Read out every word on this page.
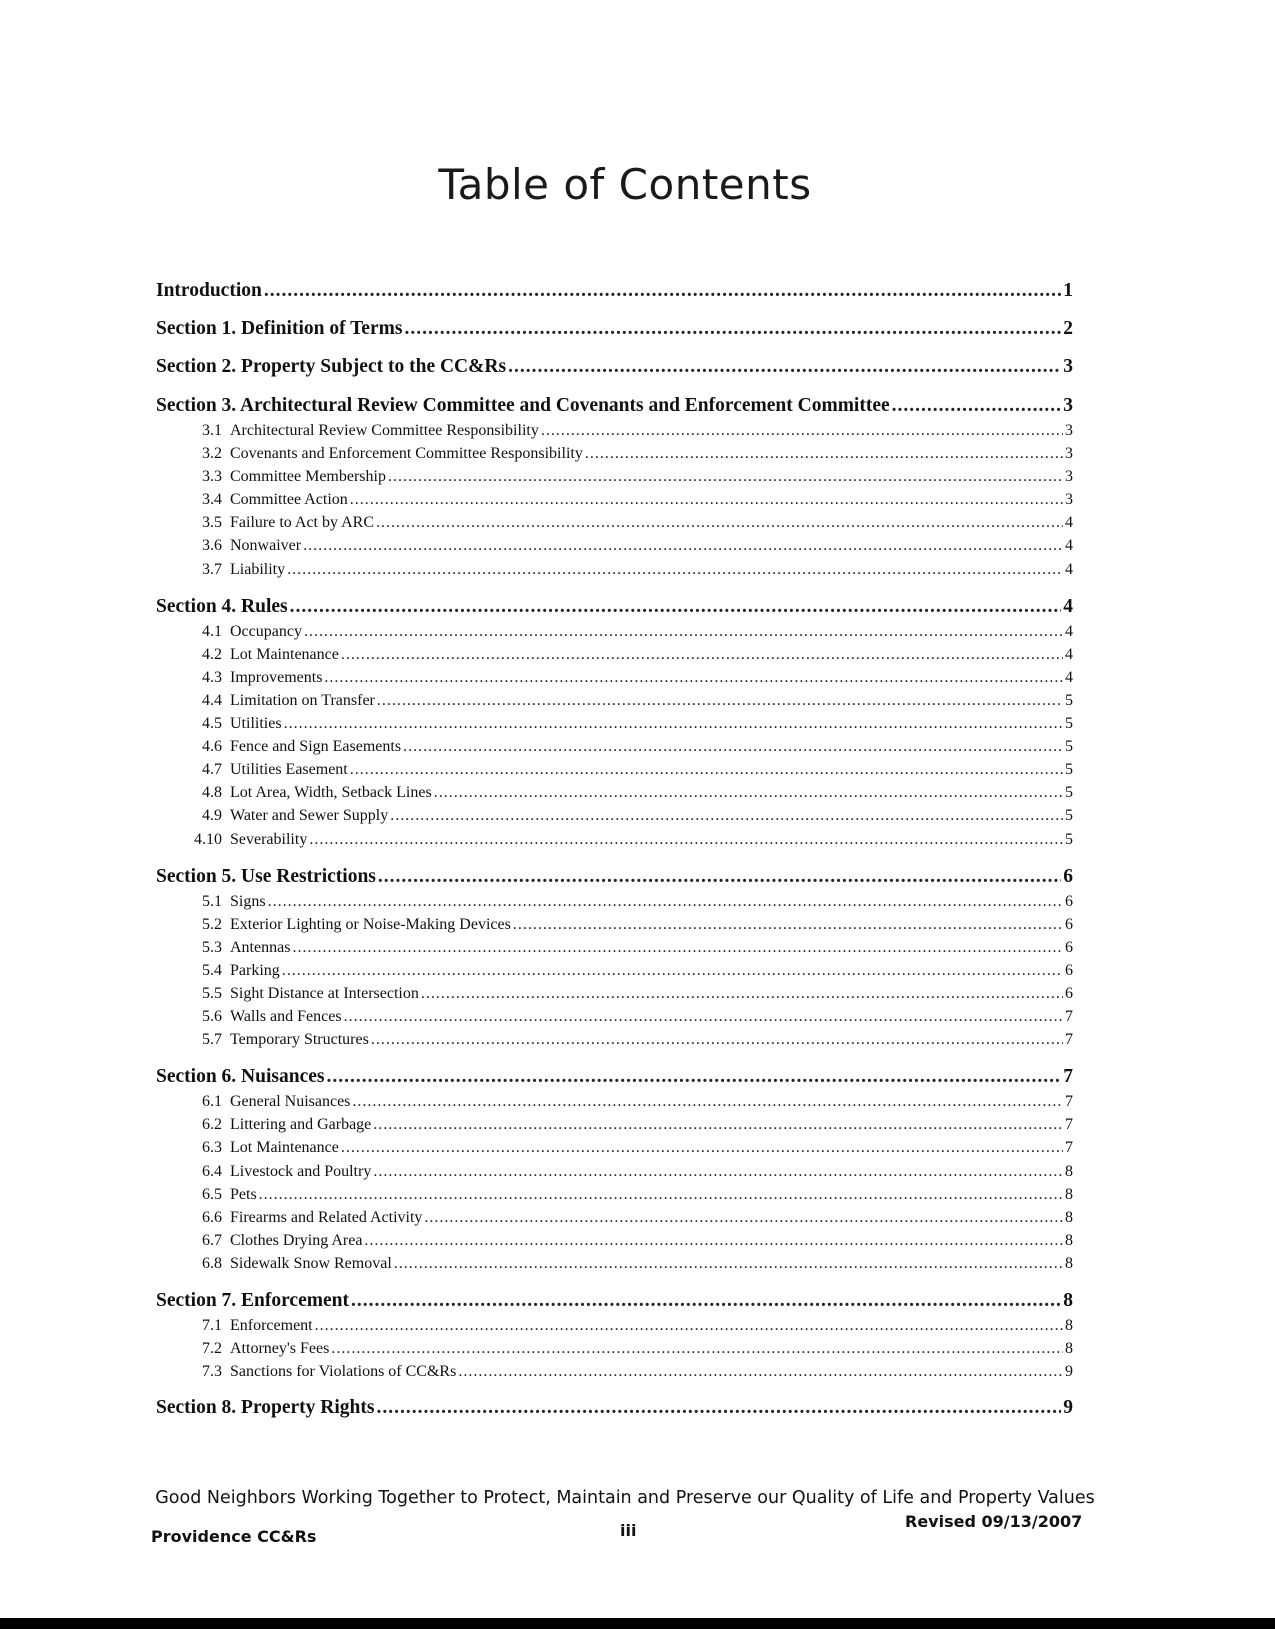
Table of Contents
Introduction .....	1
Section 1. Definition of Terms .....	2
Section 2. Property Subject to the CC&Rs .....	3
Section 3. Architectural Review Committee and Covenants and Enforcement Committee .....	3
3.1 Architectural Review Committee Responsibility .....	3
3.2 Covenants and Enforcement Committee Responsibility .....	3
3.3 Committee Membership .....	3
3.4 Committee Action .....	3
3.5 Failure to Act by ARC .....	4
3.6 Nonwaiver .....	4
3.7 Liability .....	4
Section 4. Rules .....	4
4.1 Occupancy .....	4
4.2 Lot Maintenance .....	4
4.3 Improvements .....	4
4.4 Limitation on Transfer .....	5
4.5 Utilities .....	5
4.6 Fence and Sign Easements .....	5
4.7 Utilities Easement .....	5
4.8 Lot Area, Width, Setback Lines .....	5
4.9 Water and Sewer Supply .....	5
4.10 Severability .....	5
Section 5. Use Restrictions .....	6
5.1 Signs .....	6
5.2 Exterior Lighting or Noise-Making Devices .....	6
5.3 Antennas .....	6
5.4 Parking .....	6
5.5 Sight Distance at Intersection .....	6
5.6 Walls and Fences .....	7
5.7 Temporary Structures .....	7
Section 6. Nuisances .....	7
6.1 General Nuisances .....	7
6.2 Littering and Garbage .....	7
6.3 Lot Maintenance .....	7
6.4 Livestock and Poultry .....	8
6.5 Pets .....	8
6.6 Firearms and Related Activity .....	8
6.7 Clothes Drying Area .....	8
6.8 Sidewalk Snow Removal .....	8
Section 7. Enforcement .....	8
7.1 Enforcement .....	8
7.2 Attorney's Fees .....	8
7.3 Sanctions for Violations of CC&Rs .....	9
Section 8. Property Rights .....	9
Good Neighbors Working Together to Protect, Maintain and Preserve our Quality of Life and Property Values
Providence CC&Rs	iii	Revised 09/13/2007
